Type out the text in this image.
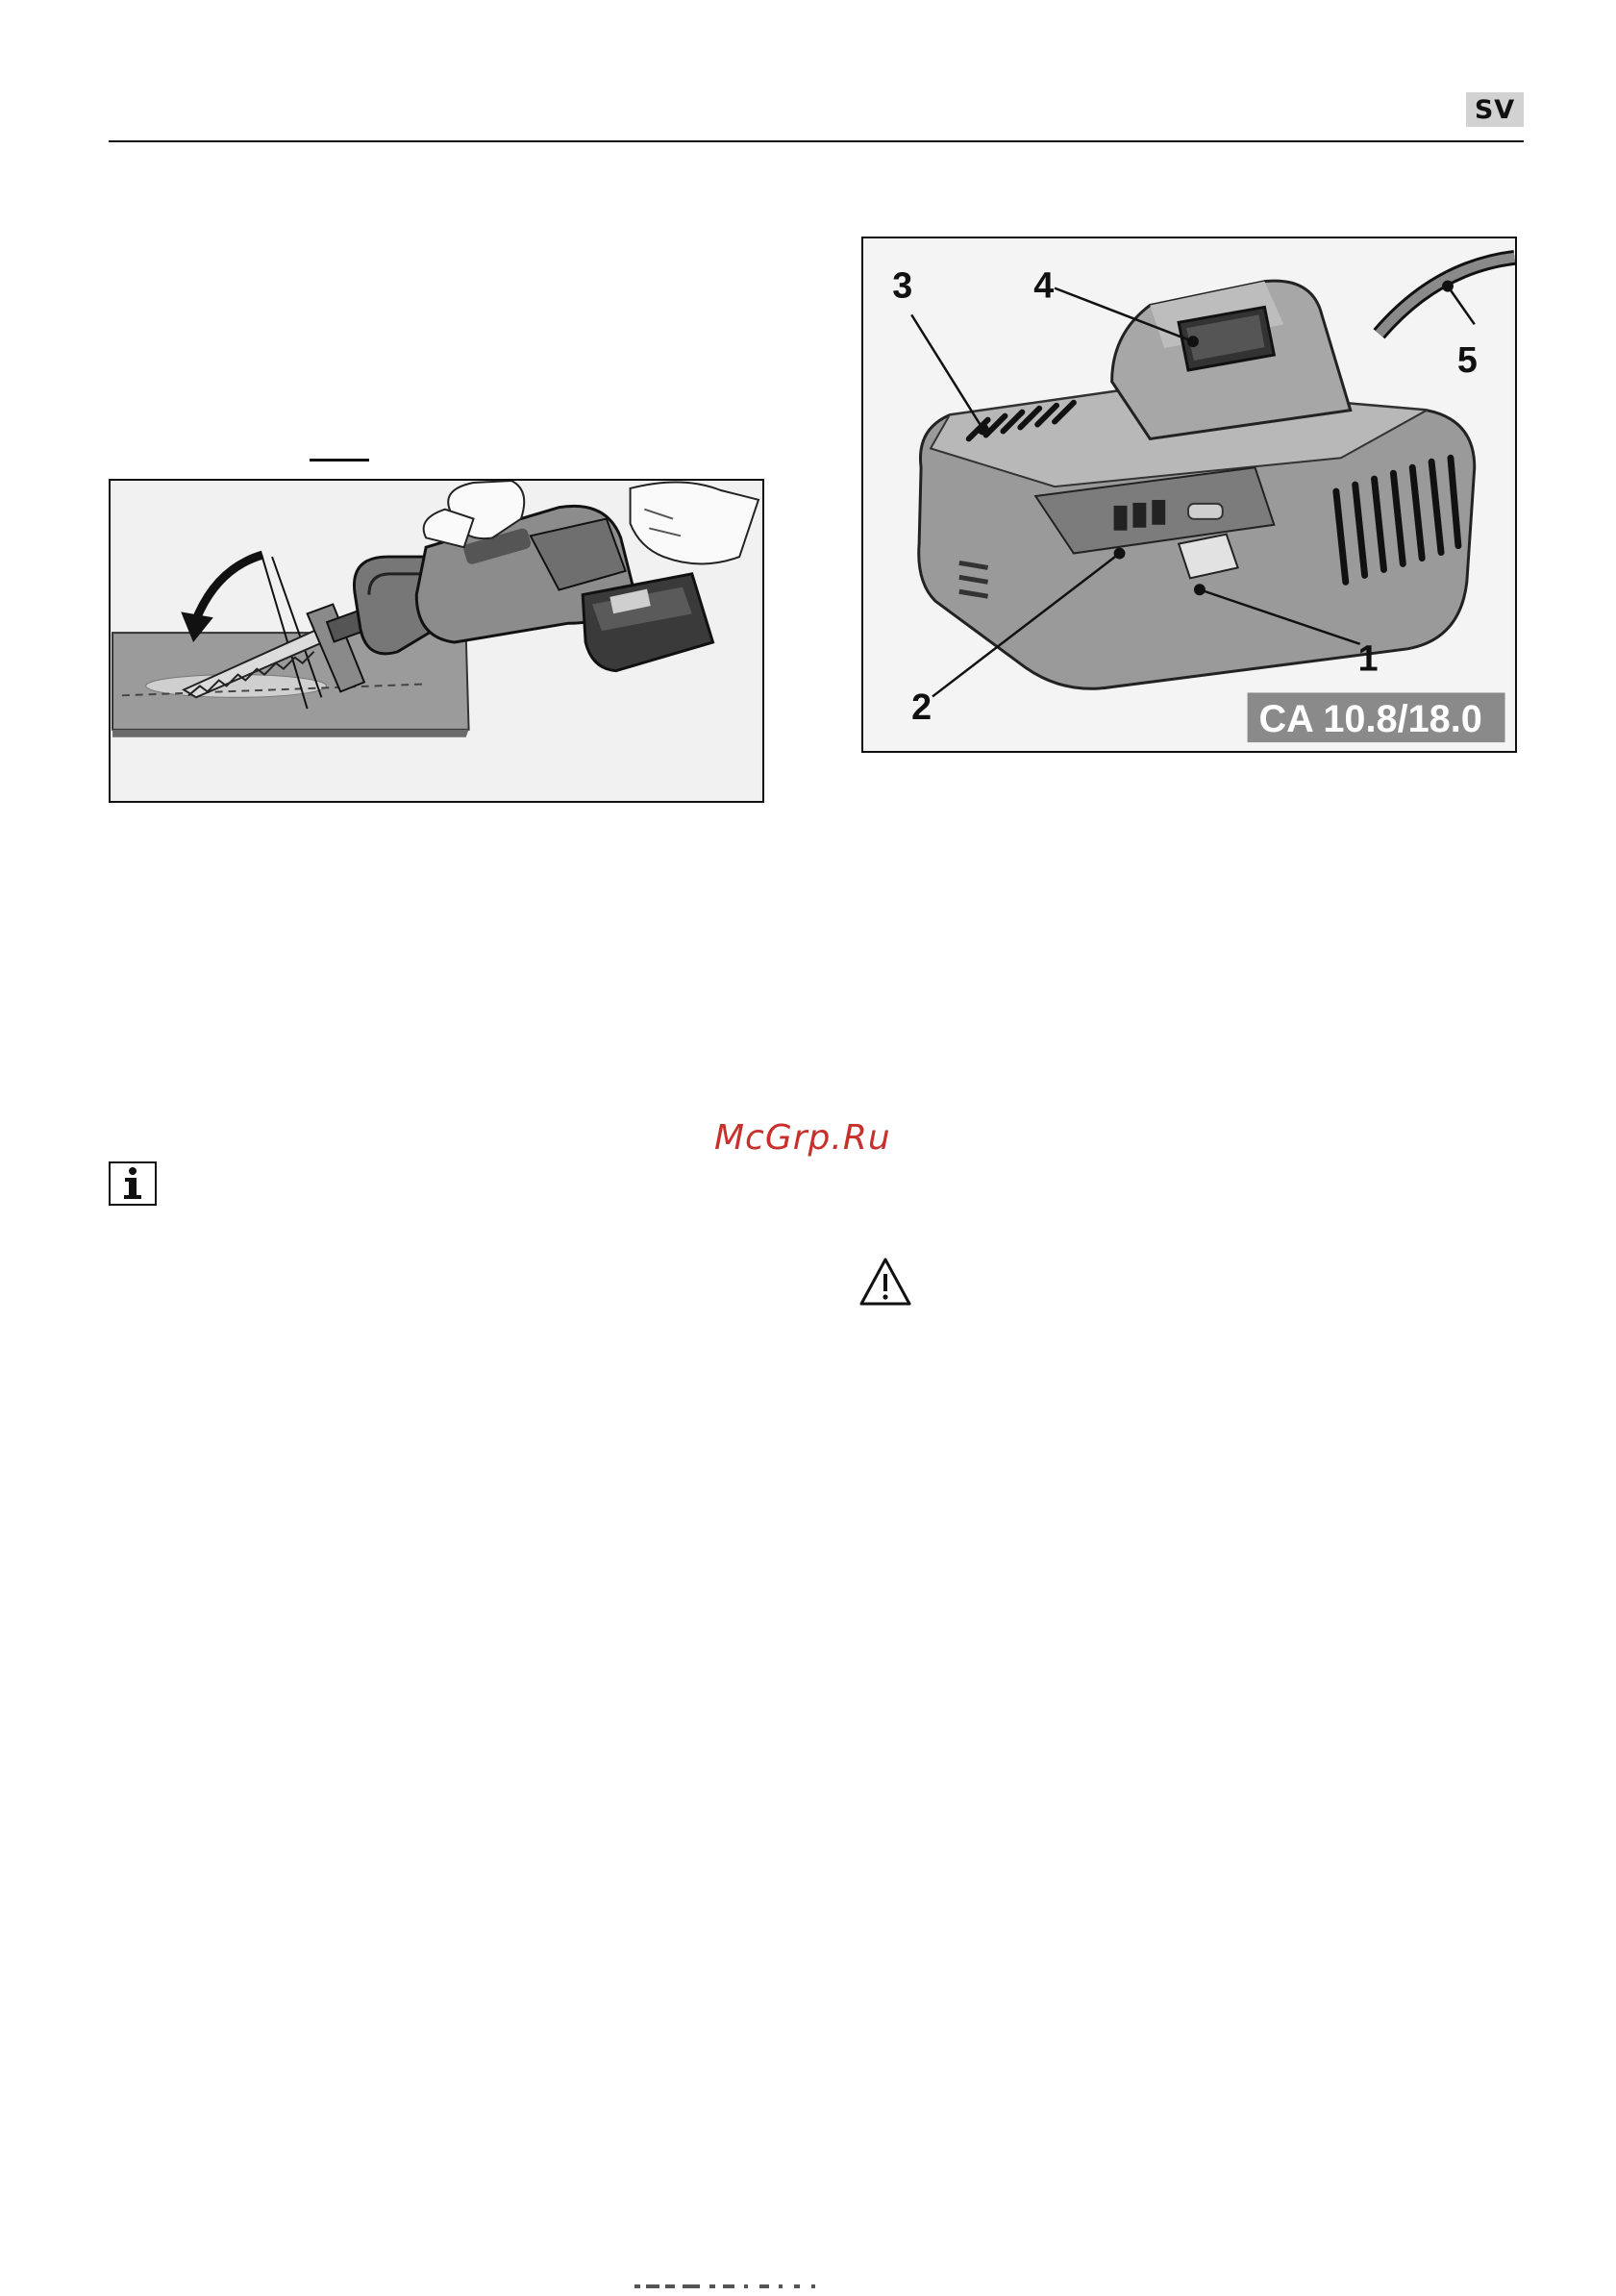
SV
1
2
3	4
5
CA 10.8/18.0
McGrp.Ru
